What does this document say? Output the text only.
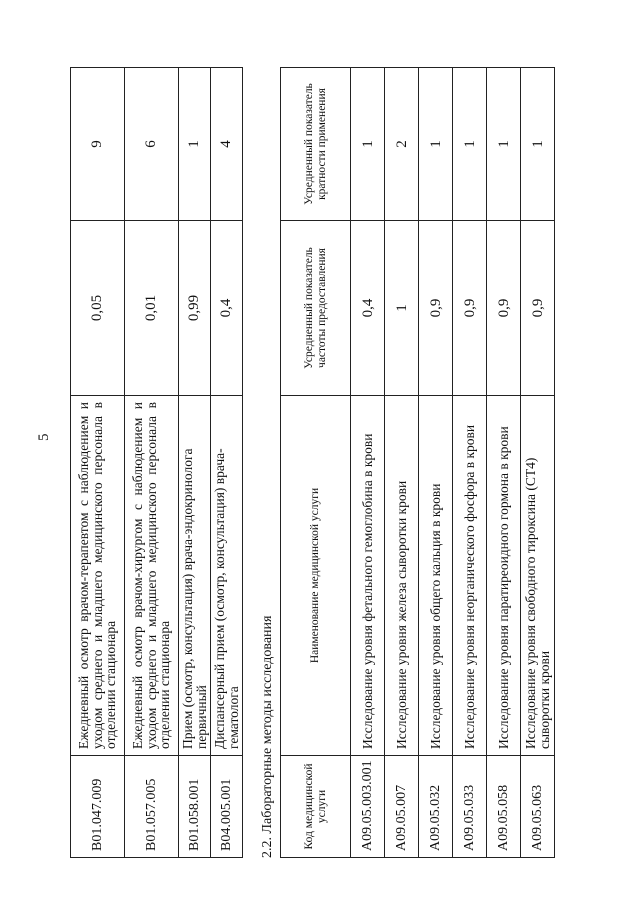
5
В01.047.009	Ежедневный осмотр врачом-терапевтом с наблюдением и уходом среднего и младшего медицинского персонала в отделении стационара	0,05	9
В01.057.005	Ежедневный осмотр врачом-хирургом с наблюдением и уходом среднего и младшего медицинского персонала в отделении стационара	0,01	6
В01.058.001	Прием (осмотр, консультация) врача-эндокринолога первичный	0,99	1
В04.005.001	Диспансерный прием (осмотр, консультация) врача-гематолога	0,4	4
2.2. Лабораторные методы исследования Код медицинской услуги	Наименование медицинской услуги	Усредненный показатель частоты предоставления	Усредненный показатель кратности применения
A09.05.003.001	Исследование уровня фетального гемоглобина в крови	0,4	1
A09.05.007	Исследование уровня железа сыворотки крови	1	2
A09.05.032	Исследование уровня общего кальция в крови	0,9	1
A09.05.033	Исследование уровня неорганического фосфора в крови	0,9	1
A09.05.058	Исследование уровня паратиреоидного гормона в крови	0,9	1
A09.05.063	Исследование уровня свободного тироксина (СТ4) сыворотки крови	0,9	1
